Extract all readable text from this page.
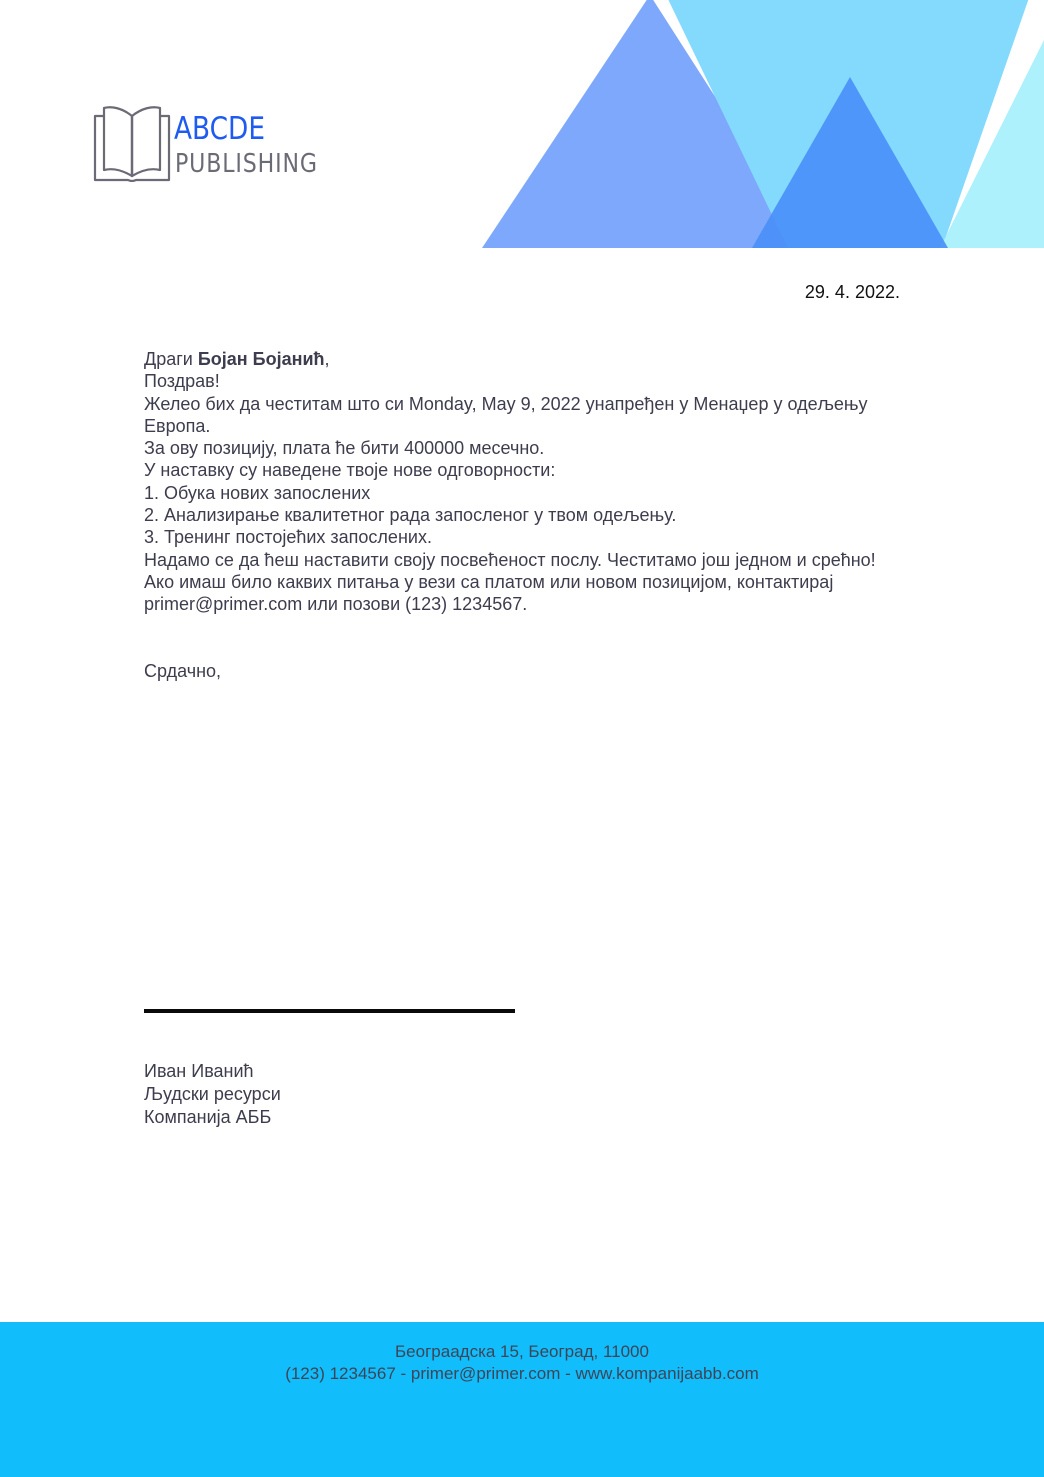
ABCDE
PUBLISHING
29. 4. 2022.

Драги Бојан Бојанић,

Поздрав!

Желео бих да честитам што си Monday, May 9, 2022 унапређен у Менаџер у одељењу Европа.

За ову позицију, плата ће бити 400000 месечно.

У наставку су наведене твоје нове одговорности:

1. Обука нових запослених

2. Анализирање квалитетног рада запосленог у твом одељењу.

3. Тренинг постојећих запослених.

Надамо се да ћеш наставити своју посвећеност послу. Честитамо још једном и срећно!

Ако имаш било каквих питања у вези са платом или новом позицијом, контактирај primer@primer.com или позови (123) 1234567.

Срдачно,
Иван Иванић
Људски ресурси
Компанија АББ
Београадска 15, Београд, 11000
(123) 1234567 - primer@primer.com - www.kompanijaabb.com
